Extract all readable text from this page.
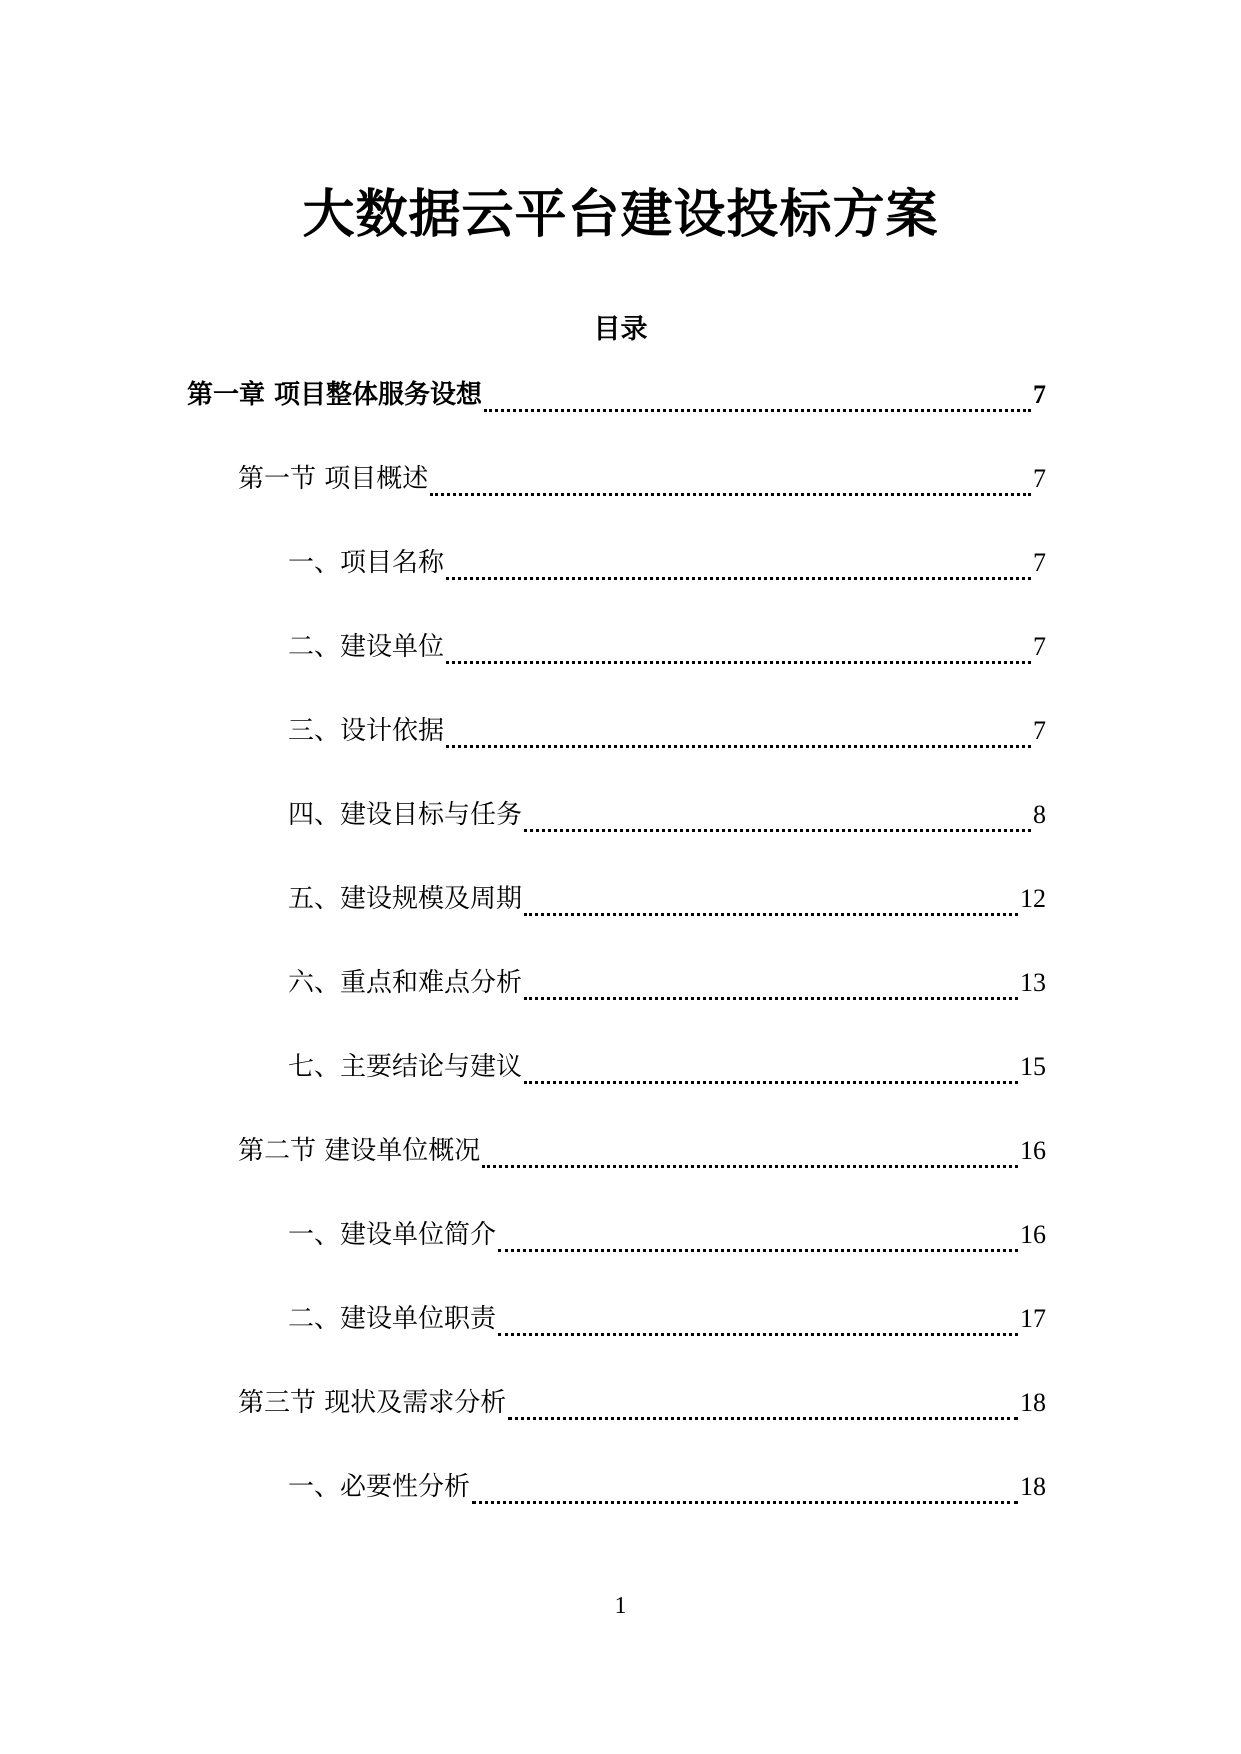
大数据云平台建设投标方案
目录
第一章 项目整体服务设想	7
第一节 项目概述	7
一、项目名称	7
二、建设单位	7
三、设计依据	7
四、建设目标与任务	8
五、建设规模及周期	12
六、重点和难点分析	13
七、主要结论与建议	15
第二节 建设单位概况	16
一、建设单位简介	16
二、建设单位职责	17
第三节 现状及需求分析	18
一、必要性分析	18
1
